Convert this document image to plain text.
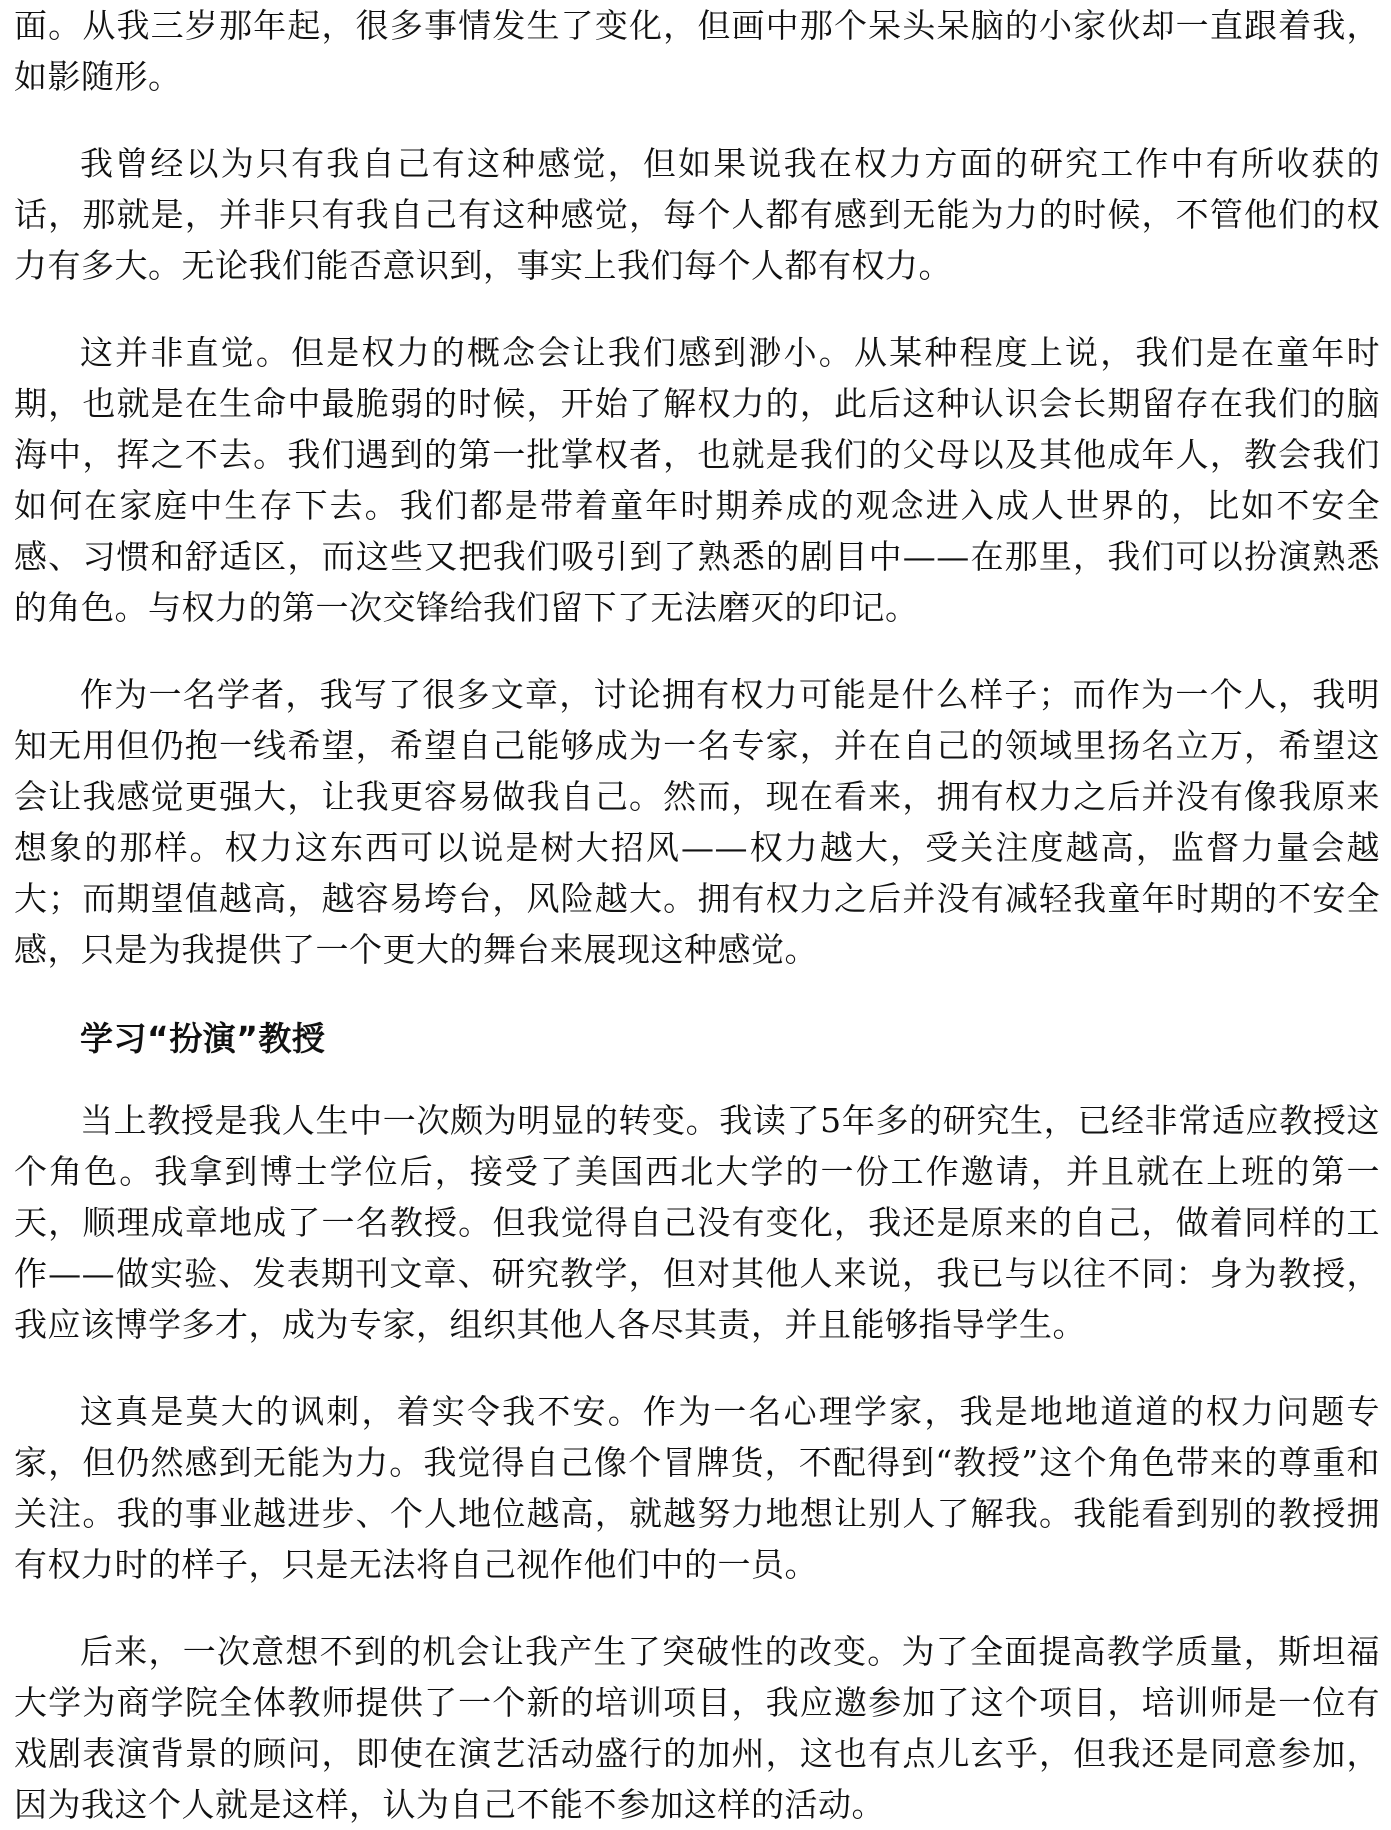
面。从我三岁那年起，很多事情发生了变化，但画中那个呆头呆脑的小家伙却一直跟着我，如影随形。

我曾经以为只有我自己有这种感觉，但如果说我在权力方面的研究工作中有所收获的话，那就是，并非只有我自己有这种感觉，每个人都有感到无能为力的时候，不管他们的权力有多大。无论我们能否意识到，事实上我们每个人都有权力。

这并非直觉。但是权力的概念会让我们感到渺小。从某种程度上说，我们是在童年时期，也就是在生命中最脆弱的时候，开始了解权力的，此后这种认识会长期留存在我们的脑海中，挥之不去。我们遇到的第一批掌权者，也就是我们的父母以及其他成年人，教会我们如何在家庭中生存下去。我们都是带着童年时期养成的观念进入成人世界的，比如不安全感、习惯和舒适区，而这些又把我们吸引到了熟悉的剧目中——在那里，我们可以扮演熟悉的角色。与权力的第一次交锋给我们留下了无法磨灭的印记。

作为一名学者，我写了很多文章，讨论拥有权力可能是什么样子；而作为一个人，我明知无用但仍抱一线希望，希望自己能够成为一名专家，并在自己的领域里扬名立万，希望这会让我感觉更强大，让我更容易做我自己。然而，现在看来，拥有权力之后并没有像我原来想象的那样。权力这东西可以说是树大招风——权力越大，受关注度越高，监督力量会越大；而期望值越高，越容易垮台，风险越大。拥有权力之后并没有减轻我童年时期的不安全感，只是为我提供了一个更大的舞台来展现这种感觉。

学习“扮演”教授

当上教授是我人生中一次颇为明显的转变。我读了5年多的研究生，已经非常适应教授这个角色。我拿到博士学位后，接受了美国西北大学的一份工作邀请，并且就在上班的第一天，顺理成章地成了一名教授。但我觉得自己没有变化，我还是原来的自己，做着同样的工作——做实验、发表期刊文章、研究教学，但对其他人来说，我已与以往不同：身为教授，我应该博学多才，成为专家，组织其他人各尽其责，并且能够指导学生。

这真是莫大的讽刺，着实令我不安。作为一名心理学家，我是地地道道的权力问题专家，但仍然感到无能为力。我觉得自己像个冒牌货，不配得到“教授”这个角色带来的尊重和关注。我的事业越进步、个人地位越高，就越努力地想让别人了解我。我能看到别的教授拥有权力时的样子，只是无法将自己视作他们中的一员。

后来，一次意想不到的机会让我产生了突破性的改变。为了全面提高教学质量，斯坦福大学为商学院全体教师提供了一个新的培训项目，我应邀参加了这个项目，培训师是一位有戏剧表演背景的顾问，即使在演艺活动盛行的加州，这也有点儿玄乎，但我还是同意参加，因为我这个人就是这样，认为自己不能不参加这样的活动。
